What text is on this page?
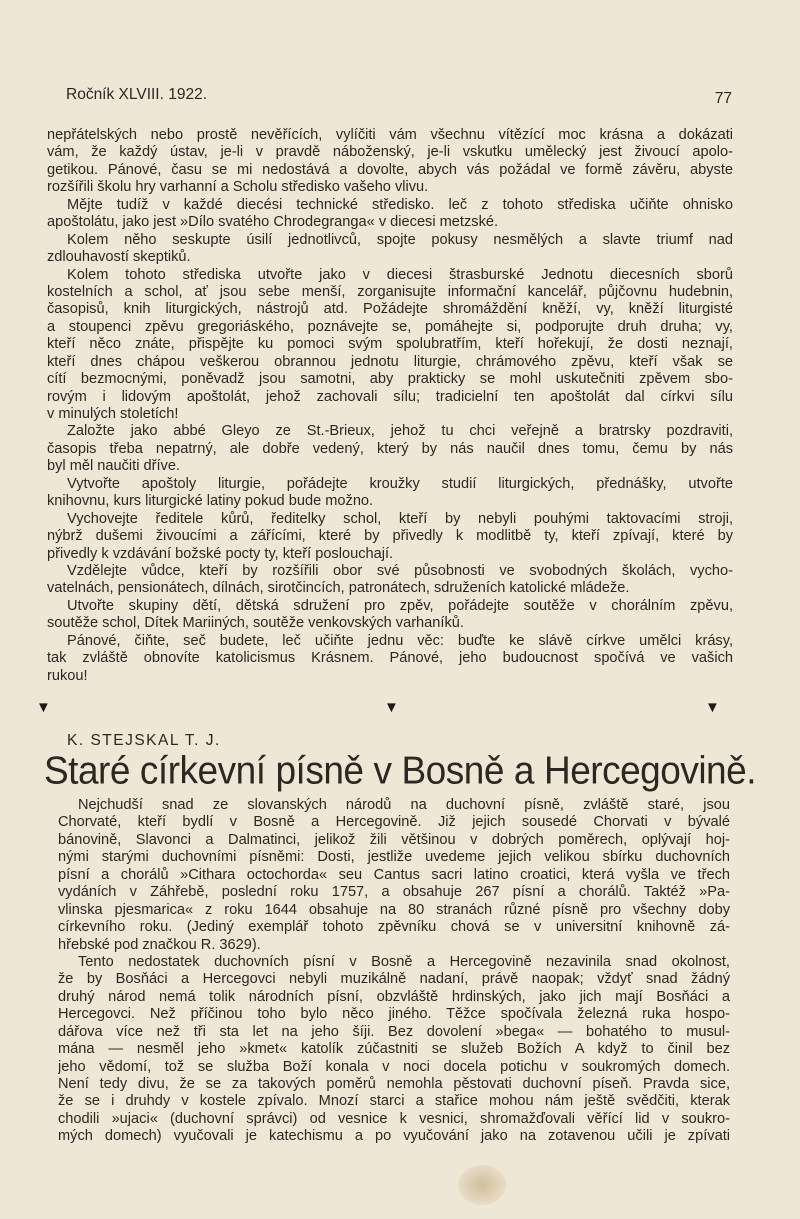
Ročník XLVIII. 1922.	77
nepřátelských nebo prostě nevěřících, vylíčiti vám všechnu vítězící moc krásna a dokázati
vám, že každý ústav, je-li v pravdě náboženský, je-li vskutku umělecký jest živoucí apolo-
getikou. Pánové, času se mi nedostává a dovolte, abych vás požádal ve formě závěru, abyste
rozšířili školu hry varhanní a Scholu středisko vašeho vlivu.
Mějte tudíž v každé diecési technické středisko. leč z tohoto střediska učiňte ohnisko
apoštolátu, jako jest »Dílo svatého Chrodegranga« v diecesi metzské.
Kolem něho seskupte úsilí jednotlivců, spojte pokusy nesmělých a slavte triumf nad
zdlouhavostí skeptiků.
Kolem tohoto střediska utvořte jako v diecesi štrasburské Jednotu diecesních sborů
kostelních a schol, ať jsou sebe menší, zorganisujte informační kancelář, půjčovnu hudebnin,
časopisů, knih liturgických, nástrojů atd. Požádejte shromáždění kněží, vy, kněží liturgisté
a stoupenci zpěvu gregoriáského, poznávejte se, pomáhejte si, podporujte druh druha; vy,
kteří něco znáte, přispějte ku pomoci svým spolubratřím, kteří hořekují, že dosti neznají,
kteří dnes chápou veškerou obrannou jednotu liturgie, chrámového zpěvu, kteří však se
cítí bezmocnými, poněvadž jsou samotni, aby prakticky se mohl uskutečniti zpěvem sbo-
rovým i lidovým apoštolát, jehož zachovali sílu; tradicielní ten apoštolát dal církvi sílu
v minulých stoletích!
Založte jako abbé Gleyo ze St.-Brieux, jehož tu chci veřejně a bratrsky pozdraviti,
časopis třeba nepatrný, ale dobře vedený, který by nás naučil dnes tomu, čemu by nás
byl měl naučiti dříve.
Vytvořte apoštoly liturgie, pořádejte kroužky studií liturgických, přednášky, utvořte
knihovnu, kurs liturgické latiny pokud bude možno.
Vychovejte ředitele kůrů, ředitelky schol, kteří by nebyli pouhými taktovacími stroji,
nýbrž dušemi živoucími a zářícími, které by přivedly k modlitbě ty, kteří zpívají, které by
přivedly k vzdávání božské pocty ty, kteří poslouchají.
Vzdělejte vůdce, kteří by rozšířili obor své působnosti ve svobodných školách, vycho-
vatelnách, pensionátech, dílnách, sirotčincích, patronátech, sdruženích katolické mládeže.
Utvořte skupiny dětí, dětská sdružení pro zpěv, pořádejte soutěže v chorálním zpěvu,
soutěže schol, Dítek Mariiných, soutěže venkovských varhaníků.
Pánové, čiňte, seč budete, leč učiňte jednu věc: buďte ke slávě církve umělci krásy,
tak zvláště obnovíte katolicismus Krásnem. Pánové, jeho budoucnost spočívá ve vašich
rukou!
▼	▼	▼
K. STEJSKAL T. J.
Staré církevní písně v Bosně a Hercegovině.
Nejchudší snad ze slovanských národů na duchovní písně, zvláště staré, jsou
Chorvaté, kteří bydlí v Bosně a Hercegovině. Již jejich sousedé Chorvati v bývalé
bánovině, Slavonci a Dalmatinci, jelikož žili většinou v dobrých poměrech, oplývají hoj-
nými starými duchovními písněmi: Dosti, jestliže uvedeme jejich velikou sbírku duchovních
písní a chorálů »Cithara octochorda« seu Cantus sacri latino croatici, která vyšla ve třech
vydáních v Záhřebě, poslední roku 1757, a obsahuje 267 písní a chorálů. Taktéž »Pa-
vlinska pjesmarica« z roku 1644 obsahuje na 80 stranách různé písně pro všechny doby
církevního roku. (Jediný exemplář tohoto zpěvníku chová se v universitní knihovně zá-
hřebské pod značkou R. 3629).
Tento nedostatek duchovních písní v Bosně a Hercegovině nezavinila snad okolnost,
že by Bosňáci a Hercegovci nebyli muzikálně nadaní, právě naopak; vždyť snad žádný
druhý národ nemá tolik národních písní, obzvláště hrdinských, jako jich mají Bosňáci a
Hercegovci. Než příčinou toho bylo něco jiného. Těžce spočívala železná ruka hospo-
dářova více než tři sta let na jeho šíji. Bez dovolení »bega« — bohatého to musul-
mána — nesměl jeho »kmet« katolík zúčastniti se služeb Božích A když to činil bez
jeho vědomí, tož se služba Boží konala v noci docela potichu v soukromých domech.
Není tedy divu, že se za takových poměrů nemohla pěstovati duchovní píseň. Pravda sice,
že se i druhdy v kostele zpívalo. Mnozí starci a stařice mohou nám ještě svědčiti, kterak
chodili »ujaci« (duchovní správci) od vesnice k vesnici, shromažďovali věřící lid v soukro-
mých domech) vyučovali je katechismu a po vyučování jako na zotavenou učili je zpívati
